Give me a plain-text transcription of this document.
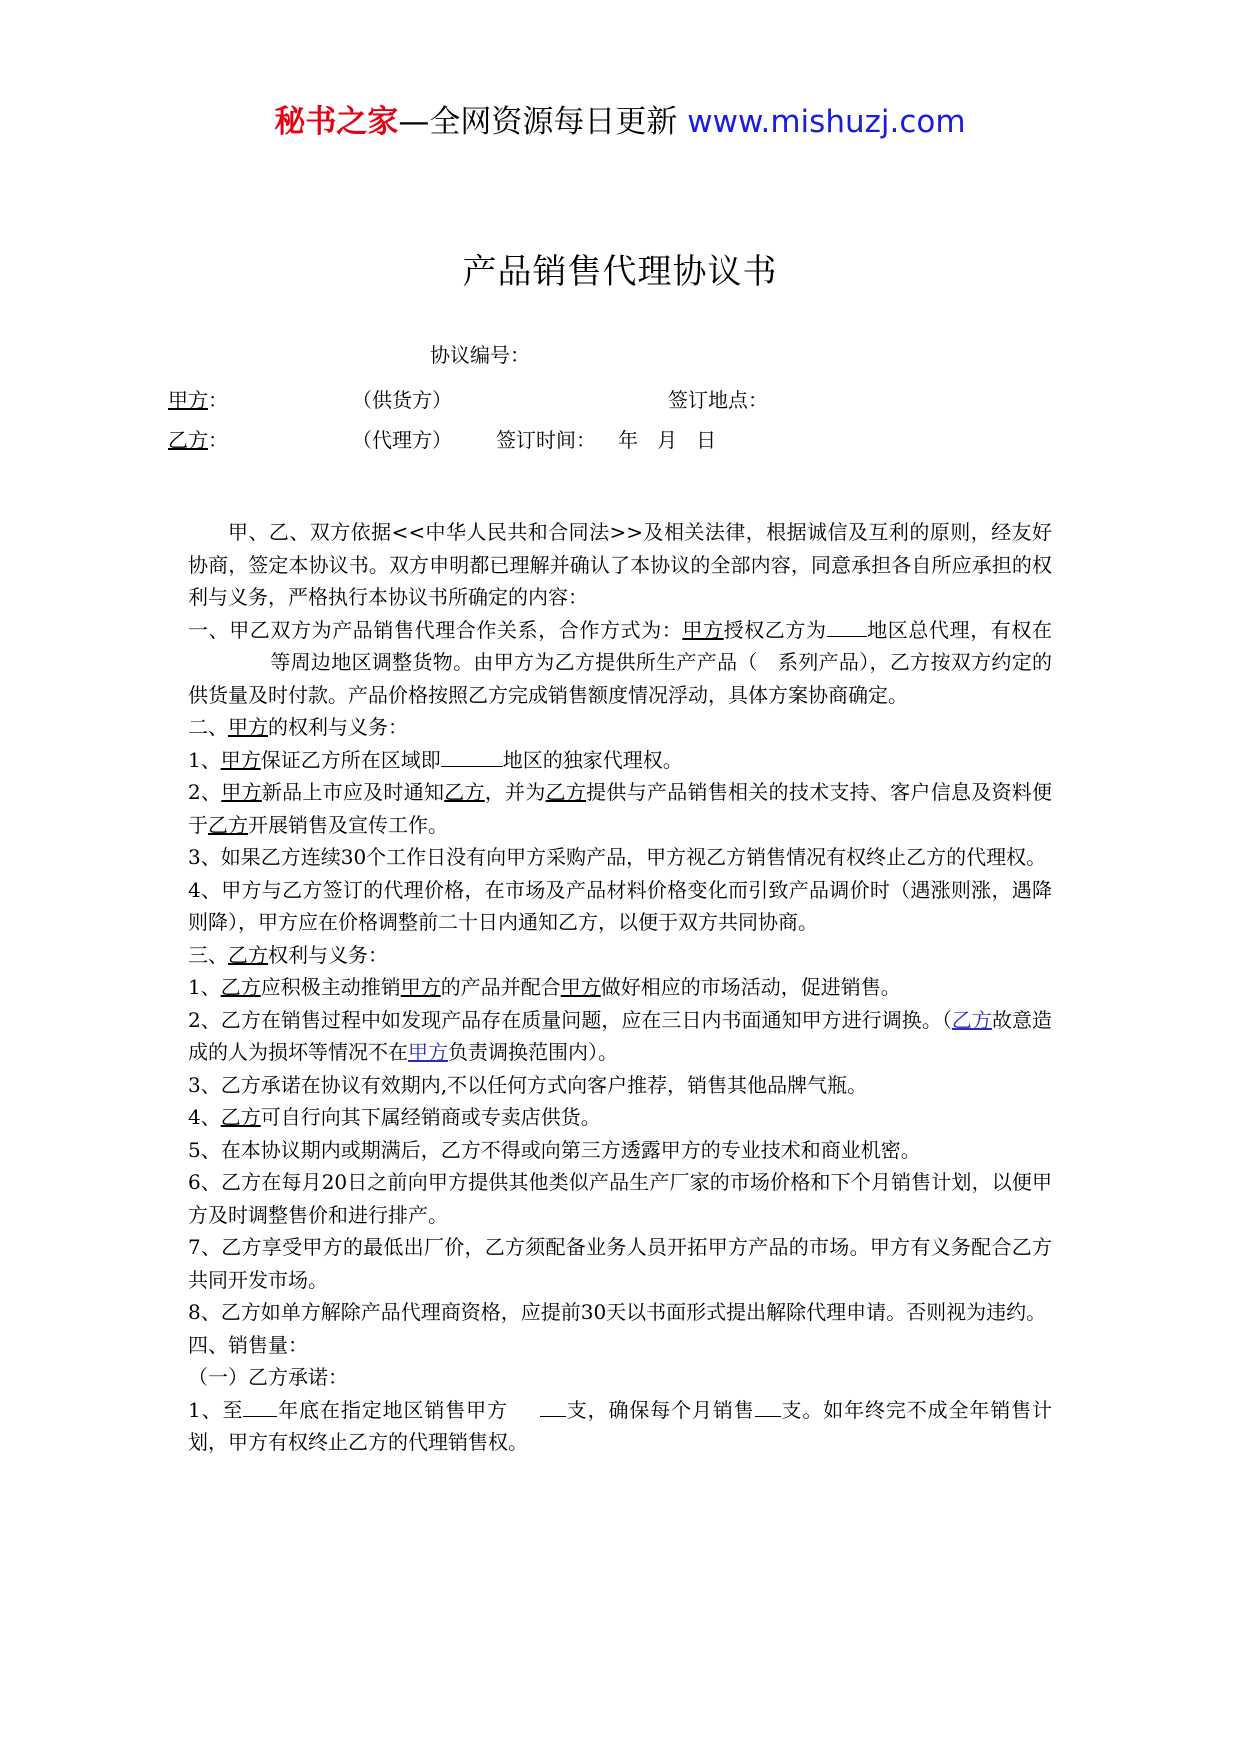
秘书之家—全网资源每日更新 www.mishuzj.com
产品销售代理协议书
协议编号：
甲方：	（供货方）	签订地点：
乙方：	（代理方） 签订时间： 年   月   日

甲、乙、双方依据<<中华人民共和合同法>>及相关法律，根据诚信及互利的原则，经友好协商，签定本协议书。双方申明都已理解并确认了本协议的全部内容，同意承担各自所应承担的权利与义务，严格执行本协议书所确定的内容：

一、甲乙双方为产品销售代理合作关系，合作方式为：甲方授权乙方为 地区总代理，有权在等周边地区调整货物。由甲方为乙方提供所生产产品（ 系列产品），乙方按双方约定的供货量及时付款。产品价格按照乙方完成销售额度情况浮动，具体方案协商确定。

二、甲方的权利与义务：

1、甲方保证乙方所在区域即	地区的独家代理权。

2、甲方新品上市应及时通知乙方，并为乙方提供与产品销售相关的技术支持、客户信息及资料便于乙方开展销售及宣传工作。

3、如果乙方连续30个工作日没有向甲方采购产品，甲方视乙方销售情况有权终止乙方的代理权。

4、甲方与乙方签订的代理价格，在市场及产品材料价格变化而引致产品调价时（遇涨则涨，遇降则降），甲方应在价格调整前二十日内通知乙方，以便于双方共同协商。

三、乙方权利与义务：

1、乙方应积极主动推销甲方的产品并配合甲方做好相应的市场活动，促进销售。

2、乙方在销售过程中如发现产品存在质量问题，应在三日内书面通知甲方进行调换。（乙方故意造成的人为损坏等情况不在甲方负责调换范围内）。

3、乙方承诺在协议有效期内,不以任何方式向客户推荐，销售其他品牌气瓶。

4、乙方可自行向其下属经销商或专卖店供货。

5、在本协议期内或期满后，乙方不得或向第三方透露甲方的专业技术和商业机密。

6、乙方在每月20日之前向甲方提供其他类似产品生产厂家的市场价格和下个月销售计划，以便甲方及时调整售价和进行排产。

7、乙方享受甲方的最低出厂价，乙方须配备业务人员开拓甲方产品的市场。甲方有义务配合乙方共同开发市场。

8、乙方如单方解除产品代理商资格，应提前30天以书面形式提出解除代理申请。否则视为违约。

四、销售量：

（一）乙方承诺：

1、至 年底在指定地区销售甲方	支，确保每个月销售 支。如年终完不成全年销售计划，甲方有权终止乙方的代理销售权。
